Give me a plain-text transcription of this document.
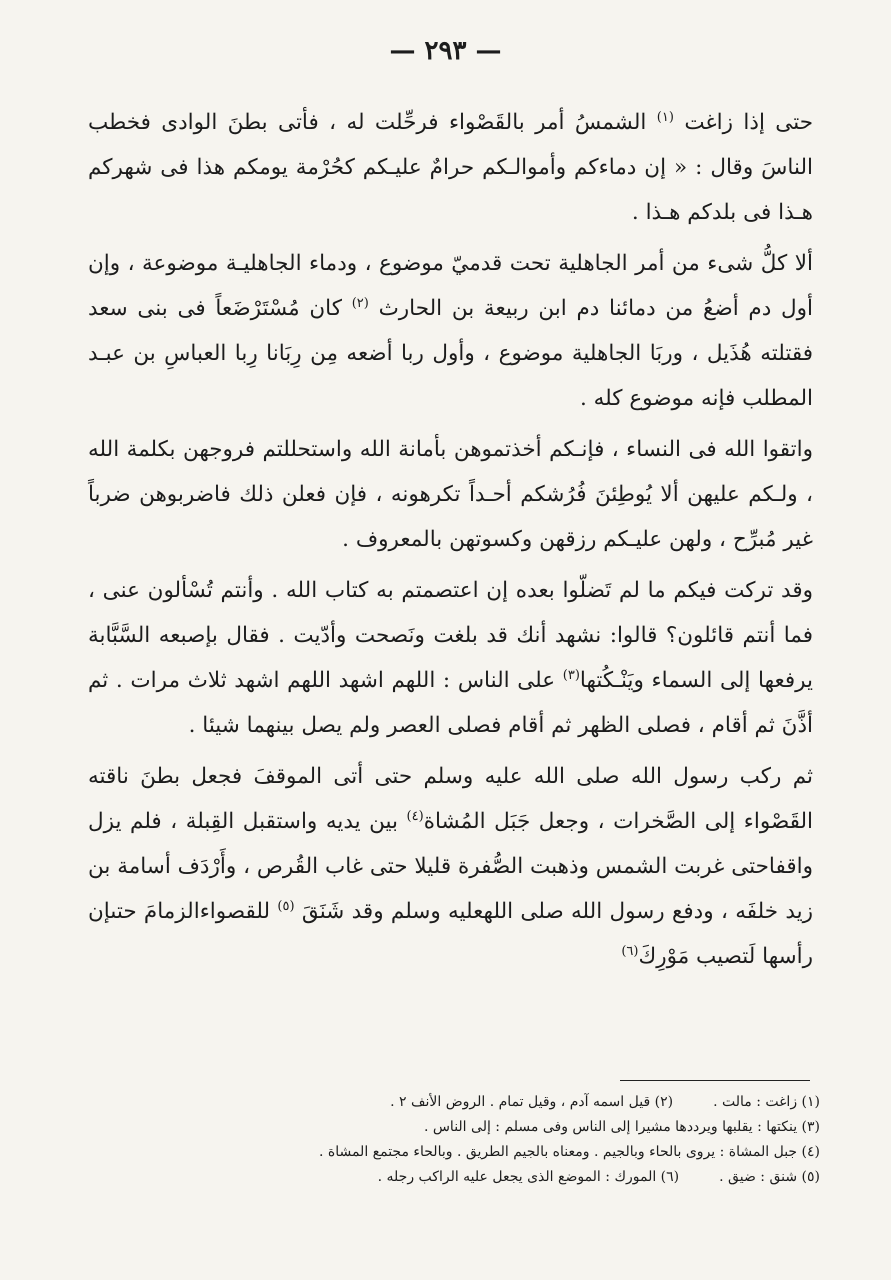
— ٢٩٣ —

حتى إذا زاغت $^{(١)}$ الشمسُ أمر بالقَصْواء فرحِّلت له ، فأتى بطنَ الوادى فخطب الناسَ وقال : « إن دماءكم وأموالـكم حرامٌ عليـكم كحُرْمة يومكم هذا فى شهركم هـذا فى بلدكم هـذا .

ألا كلُّ شىء من أمر الجاهلية تحت قدميّ موضوع ، ودماء الجاهليـة موضوعة ، وإن أول دم أضعُ من دمائنا دم ابن ربيعة بن الحارث $^{(٢)}$ كان مُسْتَرْضَعاً فى بنى سعد فقتلته هُذَيل ، وربَا الجاهلية موضوع ، وأول ربا أضعه مِن رِبَانا رِبا العباسِ بن عبـد المطلب فإنه موضوع كله .

واتقوا الله فى النساء ، فإنـكم أخذتموهن بأمانة الله واستحللتم فروجهن بكلمة الله ، ولـكم عليهن ألا يُوطِئنَ فُرُشكم أحـداً تكرهونه ، فإن فعلن ذلك فاضربوهن ضرباً غير مُبرِّح ، ولهن عليـكم رزقهن وكسوتهن بالمعروف .

وقد تركت فيكم ما لم تَضلّوا بعده إن اعتصمتم به كتاب الله . وأنتم تُسْألون عنى ، فما أنتم قائلون؟ قالوا: نشهد أنك قد بلغت ونَصحت وأدّيت . فقال بإصبعه السَّبَّابة يرفعها إلى السماء ويَنْـكُتها$^{(٣)}$ على الناس : اللهم اشهد اللهم اشهد ثلاث مرات . ثم أذَّنَ ثم أقام ، فصلى الظهر ثم أقام فصلى العصر ولم يصل بينهما شيئا .

ثم ركب رسول الله صلى الله عليه وسلم حتى أتى الموقفَ فجعل بطنَ ناقته القَصْواء إلى الصَّخرات ، وجعل جَبَل المُشاة$^{(٤)}$ بين يديه واستقبل القِبلة ، فلم يزل واقفاحتى غربت الشمس وذهبت الصُّفرة قليلا حتى غاب القُرص ، وأَرْدَف أسامة بن زيد خلفَه ، ودفع رسول الله صلى اللهعليه وسلم وقد شَنَقَ $^{(٥)}$ للقصواءالزمامَ حتىإن رأسها لَتصيب مَوْرِكَ$^{(٦)}$

(١) زاغت : مالت .
(٢) قيل اسمه آدم ، وقيل تمام . الروض الأنف ٢ .
(٣) ينكتها : يقلبها ويرددها مشيرا إلى الناس وفى مسلم : إلى الناس .
(٤) جبل المشاة : يروى بالحاء وبالجيم . ومعناه بالجيم الطريق . وبالحاء مجتمع المشاة .
(٥) شنق : ضيق .
(٦) المورك : الموضع الذى يجعل عليه الراكب رجله .
